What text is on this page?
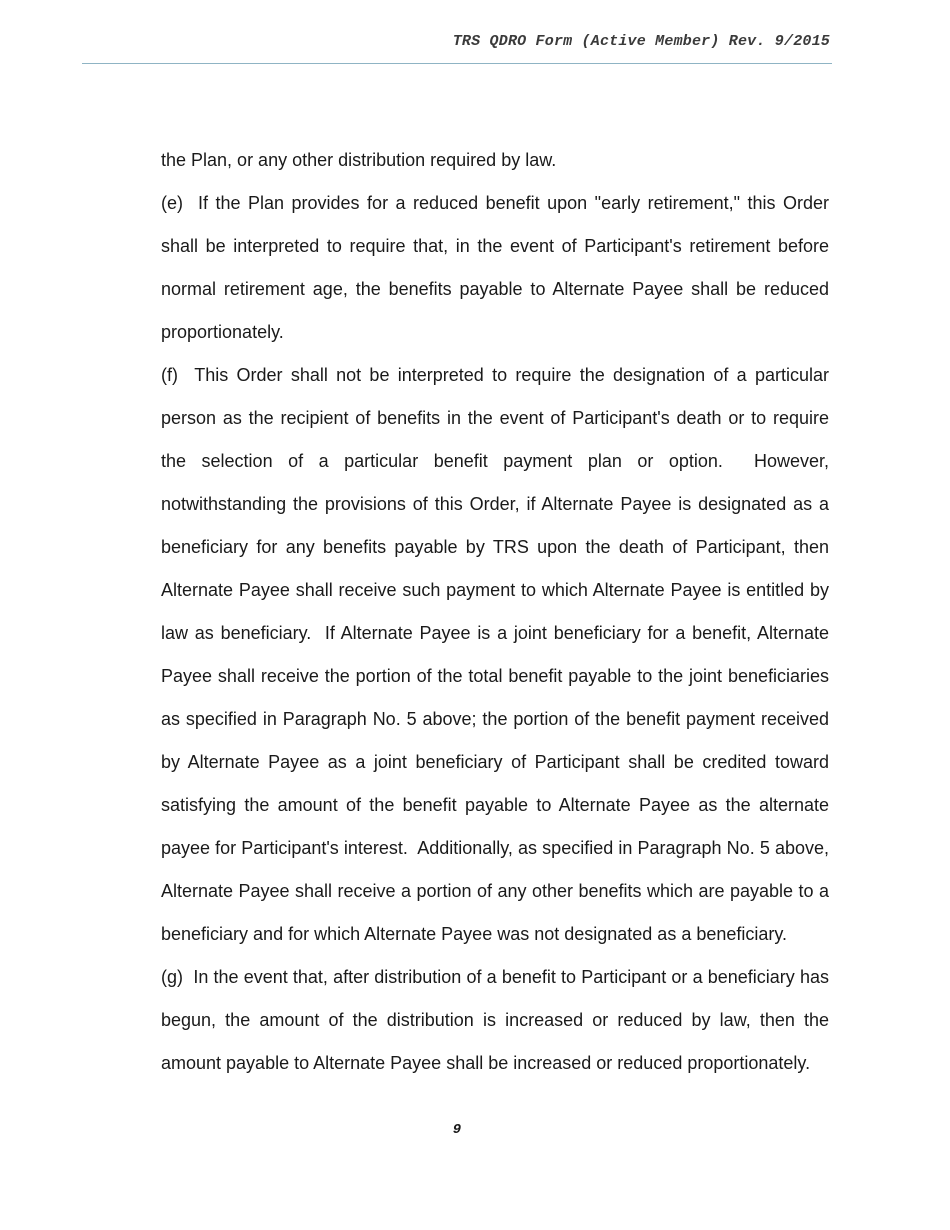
TRS QDRO Form (Active Member) Rev. 9/2015

the Plan, or any other distribution required by law.

(e)  If the Plan provides for a reduced benefit upon "early retirement," this Order shall be interpreted to require that, in the event of Participant's retirement before normal retirement age, the benefits payable to Alternate Payee shall be reduced proportionately.

(f)  This Order shall not be interpreted to require the designation of a particular person as the recipient of benefits in the event of Participant's death or to require the selection of a particular benefit payment plan or option.  However, notwithstanding the provisions of this Order, if Alternate Payee is designated as a beneficiary for any benefits payable by TRS upon the death of Participant, then Alternate Payee shall receive such payment to which Alternate Payee is entitled by law as beneficiary.  If Alternate Payee is a joint beneficiary for a benefit, Alternate Payee shall receive the portion of the total benefit payable to the joint beneficiaries as specified in Paragraph No. 5 above; the portion of the benefit payment received by Alternate Payee as a joint beneficiary of Participant shall be credited toward satisfying the amount of the benefit payable to Alternate Payee as the alternate payee for Participant's interest.  Additionally, as specified in Paragraph No. 5 above, Alternate Payee shall receive a portion of any other benefits which are payable to a beneficiary and for which Alternate Payee was not designated as a beneficiary.

(g)  In the event that, after distribution of a benefit to Participant or a beneficiary has begun, the amount of the distribution is increased or reduced by law, then the amount payable to Alternate Payee shall be increased or reduced proportionately.

9
